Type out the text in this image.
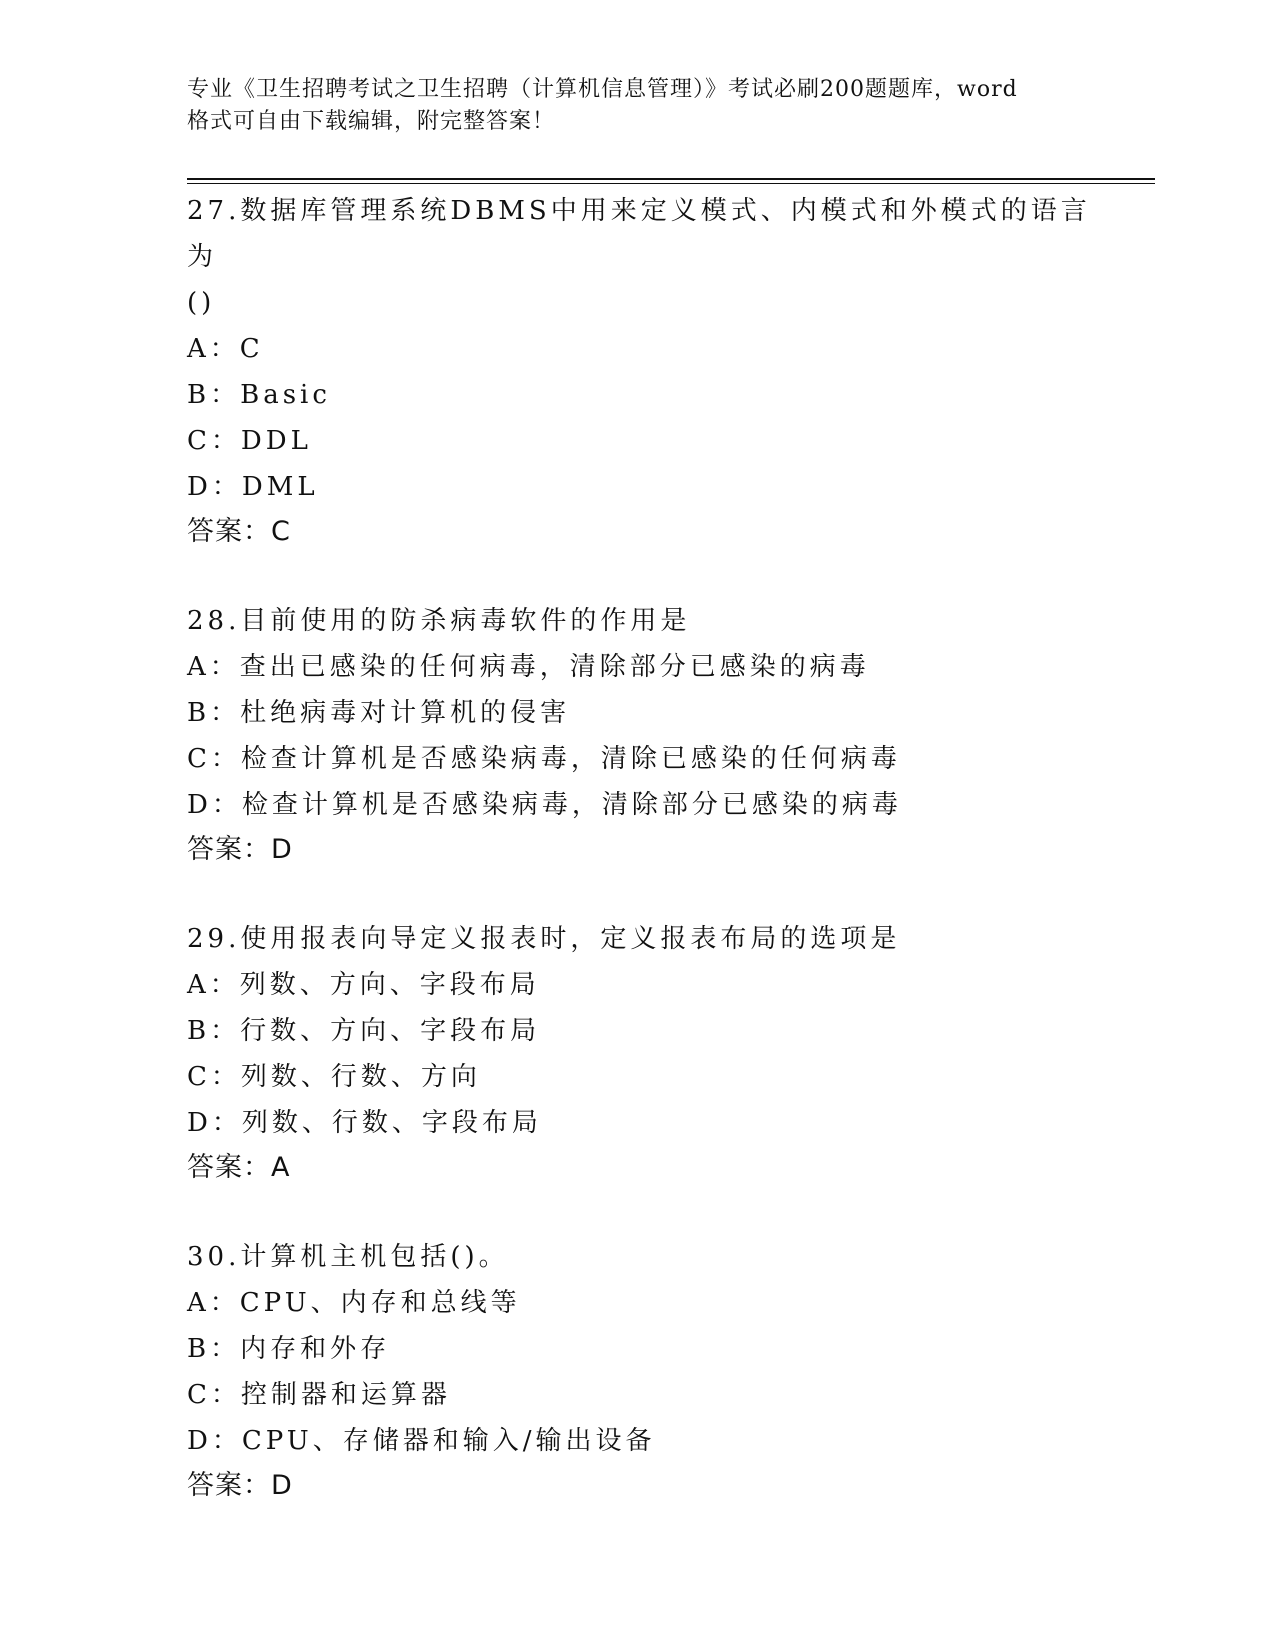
专业《卫生招聘考试之卫生招聘（计算机信息管理）》考试必刷200题题库，word
格式可自由下载编辑，附完整答案！
27.数据库管理系统DBMS中用来定义模式、内模式和外模式的语言为
()
A：C
B：Basic
C：DDL
D：DML
答案：C
28.目前使用的防杀病毒软件的作用是
A：查出已感染的任何病毒，清除部分已感染的病毒
B：杜绝病毒对计算机的侵害
C：检查计算机是否感染病毒，清除已感染的任何病毒
D：检查计算机是否感染病毒，清除部分已感染的病毒
答案：D
29.使用报表向导定义报表时，定义报表布局的选项是
A：列数、方向、字段布局
B：行数、方向、字段布局
C：列数、行数、方向
D：列数、行数、字段布局
答案：A
30.计算机主机包括()。
A：CPU、内存和总线等
B：内存和外存
C：控制器和运算器
D：CPU、存储器和输入/输出设备
答案：D
